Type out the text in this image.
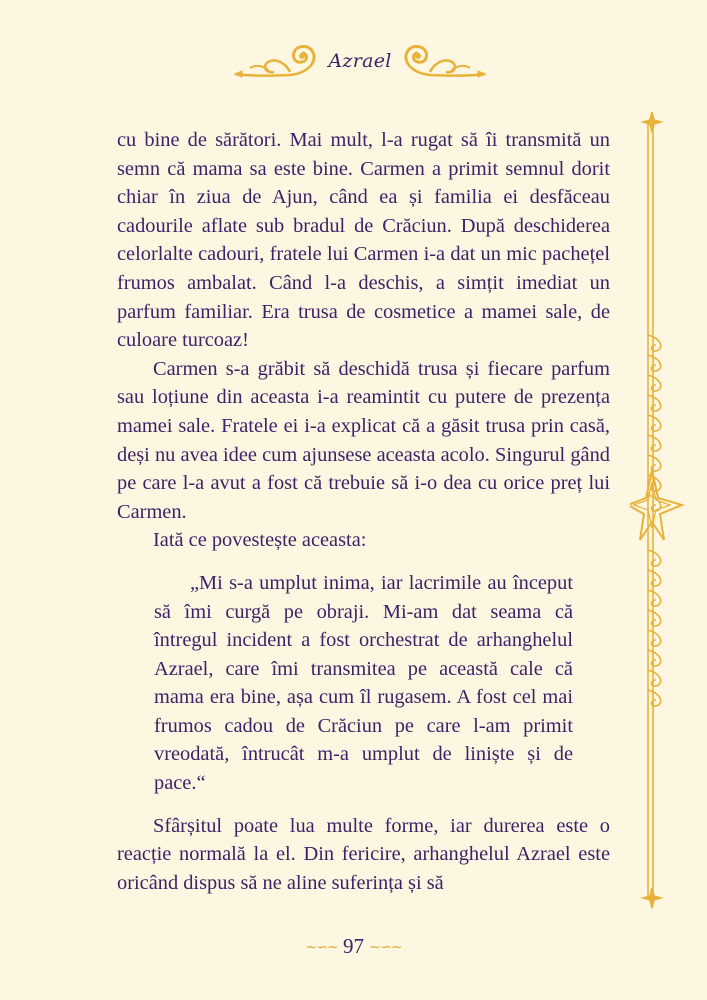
Azrael

cu bine de sărători. Mai mult, l-a rugat să îi transmită un semn că mama sa este bine. Carmen a primit semnul dorit chiar în ziua de Ajun, când ea și familia ei desfăceau cadourile aflate sub bradul de Crăciun. După deschiderea celorlalte cadouri, fratele lui Carmen i-a dat un mic pachețel frumos ambalat. Când l-a deschis, a simțit imediat un parfum familiar. Era trusa de cosmetice a mamei sale, de culoare turcoaz!

Carmen s-a grăbit să deschidă trusa și fiecare parfum sau loțiune din aceasta i-a reamintit cu putere de prezența mamei sale. Fratele ei i-a explicat că a găsit trusa prin casă, deși nu avea idee cum ajunsese aceasta acolo. Singurul gând pe care l-a avut a fost că trebuie să i-o dea cu orice preț lui Carmen.

Iată ce povestește aceasta:

„Mi s-a umplut inima, iar lacrimile au început să îmi curgă pe obraji. Mi-am dat seama că întregul incident a fost orchestrat de arhanghelul Azrael, care îmi transmitea pe această cale că mama era bine, așa cum îl rugasem. A fost cel mai frumos cadou de Crăciun pe care l-am primit vreodată, întrucât m-a umplut de liniște și de pace.“

Sfârșitul poate lua multe forme, iar durerea este o reacție normală la el. Din fericire, arhanghelul Azrael este oricând dispus să ne aline suferința și să

∼∽∼ 97 ∼∽∼
